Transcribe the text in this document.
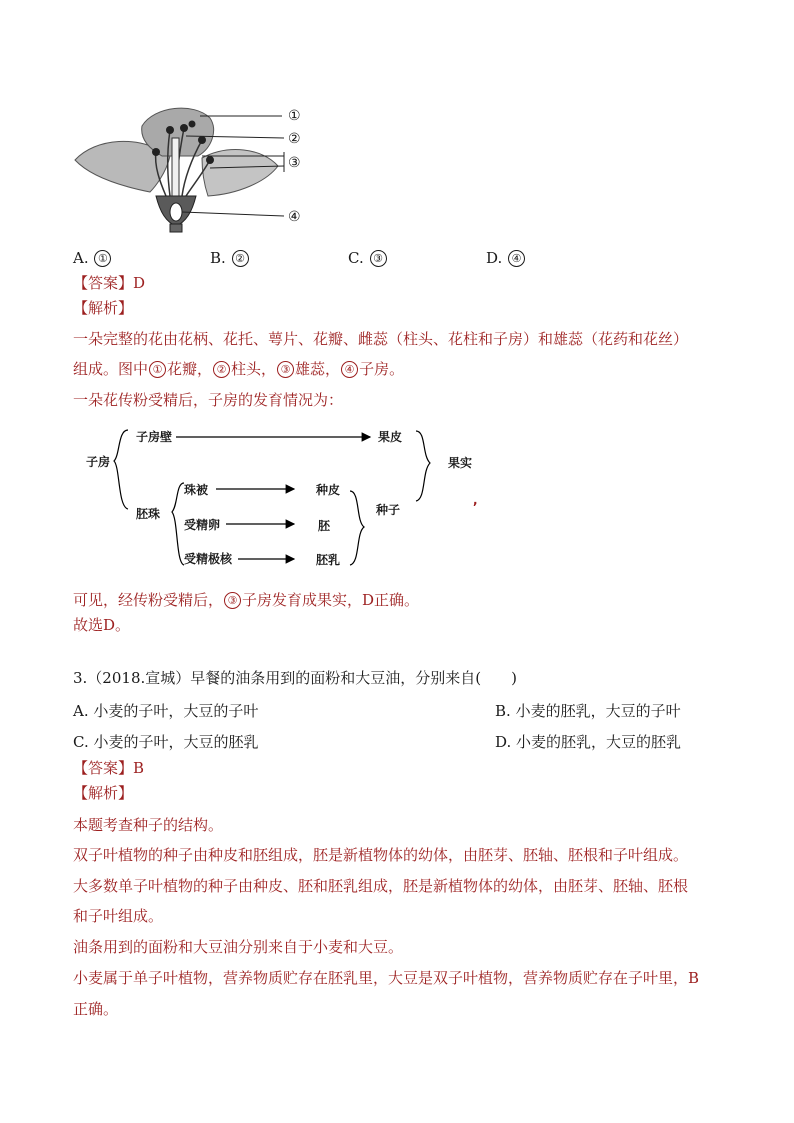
①
②
③
④
A. ①	B. ②	C. ③	D. ④
【答案】D
【解析】
一朵完整的花由花柄、花托、萼片、花瓣、雌蕊（柱头、花柱和子房）和雄蕊（花药和花丝）
组成。图中 ① 花瓣， ② 柱头， ③ 雄蕊， ④ 子房。
一朵花传粉受精后，子房的发育情况为：
子房
子房壁	果皮
果实
胚珠
珠被	种皮
受精卵	胚
受精极核	胚乳
种子
,
可见，经传粉受精后， ③ 子房发育成果实，D正确。
故选D。
3.（2018.宣城）早餐的油条用到的面粉和大豆油，分别来自(　　)
A. 小麦的子叶，大豆的子叶	B. 小麦的胚乳，大豆的子叶
C. 小麦的子叶，大豆的胚乳	D. 小麦的胚乳，大豆的胚乳
【答案】B
【解析】
本题考查种子的结构。
双子叶植物的种子由种皮和胚组成，胚是新植物体的幼体，由胚芽、胚轴、胚根和子叶组成。
大多数单子叶植物的种子由种皮、胚和胚乳组成，胚是新植物体的幼体，由胚芽、胚轴、胚根
和子叶组成。
油条用到的面粉和大豆油分别来自于小麦和大豆。
小麦属于单子叶植物，营养物质贮存在胚乳里，大豆是双子叶植物，营养物质贮存在子叶里，B
正确。
